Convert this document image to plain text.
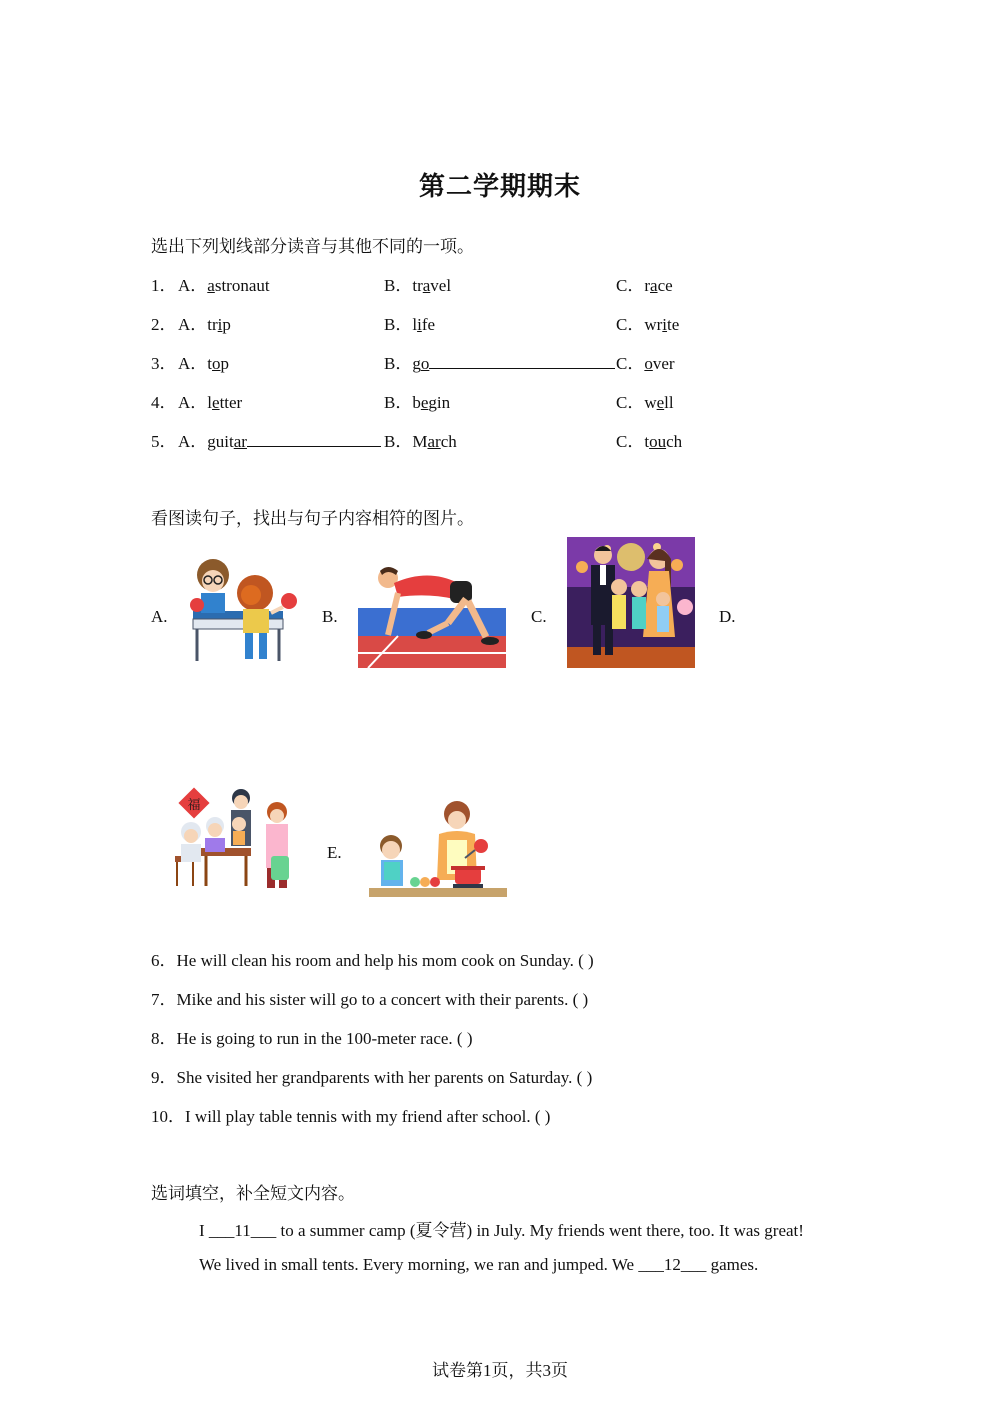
第二学期期末
选出下列划线部分读音与其他不同的一项。
1． A．astronaut	B．travel	C．race
2． A．trip	B．life	C．write
3． A．top	B．go	C．over
4． A．letter	B．begin	C．well
5． A．guitar	B．March	C．touch
看图读句子，找出与句子内容相符的图片。
A.	B.	C.	D.
E.
福
6．He will clean his room and help his mom cook on Sunday. ( )
7．Mike and his sister will go to a concert with their parents. ( )
8．He is going to run in the 100-meter race. ( )
9．She visited her grandparents with her parents on Saturday. ( )
10．I will play table tennis with my friend after school. ( )
选词填空，补全短文内容。
I ___11___ to a summer camp (夏令营) in July. My friends went there, too. It was great!
We lived in small tents. Every morning, we ran and jumped. We ___12___ games.
试卷第1页，共3页
